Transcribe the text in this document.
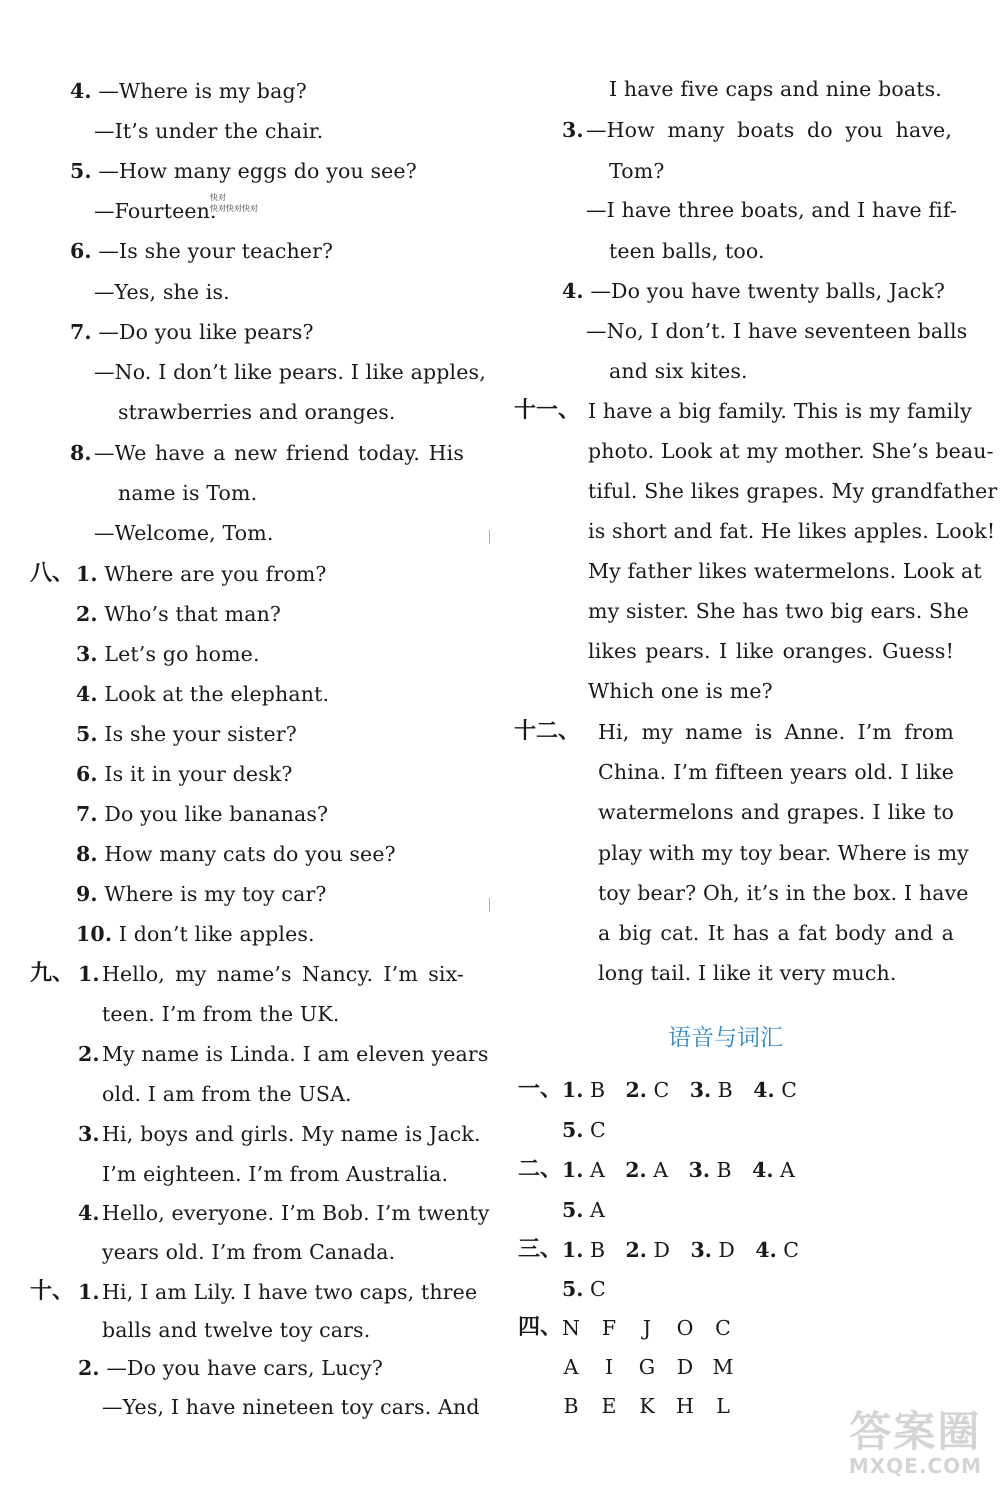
4. —Where is my bag?
—It’s under the chair.
5. —How many eggs do you see?
—Fourteen.
快对
快对快对快对
6. —Is she your teacher?
—Yes, she is.
7. —Do you like pears?
—No. I don’t like pears. I like apples,
strawberries and oranges.
8. —We have a new friend today. His
name is Tom.
—Welcome, Tom.
八、 1. Where are you from?
2. Who’s that man?
3. Let’s go home.
4. Look at the elephant.
5. Is she your sister?
6. Is it in your desk?
7. Do you like bananas?
8. How many cats do you see?
9. Where is my toy car?
10. I don’t like apples.
九、 1. Hello, my name’s Nancy. I’m six-
teen. I’m from the UK.
2. My name is Linda. I am eleven years
old. I am from the USA.
3. Hi, boys and girls. My name is Jack.
I’m eighteen. I’m from Australia.
4. Hello, everyone. I’m Bob. I’m twenty
years old. I’m from Canada.
十、 1. Hi, I am Lily. I have two caps, three
balls and twelve toy cars.
2. —Do you have cars, Lucy?
—Yes, I have nineteen toy cars. And
I have five caps and nine boats.
3. —How many boats do you have,
Tom?
—I have three boats, and I have fif-
teen balls, too.
4. —Do you have twenty balls, Jack?
—No, I don’t. I have seventeen balls
and six kites.
十一、 I have a big family. This is my family
photo. Look at my mother. She’s beau-
tiful. She likes grapes. My grandfather
is short and fat. He likes apples. Look!
My father likes watermelons. Look at
my sister. She has two big ears. She
likes pears. I like oranges. Guess!
Which one is me?
十二、 Hi, my name is Anne. I’m from
China. I’m fifteen years old. I like
watermelons and grapes. I like to
play with my toy bear. Where is my
toy bear? Oh, it’s in the box. I have
a big cat. It has a fat body and a
long tail. I like it very much.
语音与词汇
一、 1. B 2. C 3. B 4. C
5. C
二、 1. A 2. A 3. B 4. A
5. A
三、 1. B 2. D 3. D 4. C
5. C
四、 N F J O C
A I G D M
B E K H L
答案圈
MXQE.COM
